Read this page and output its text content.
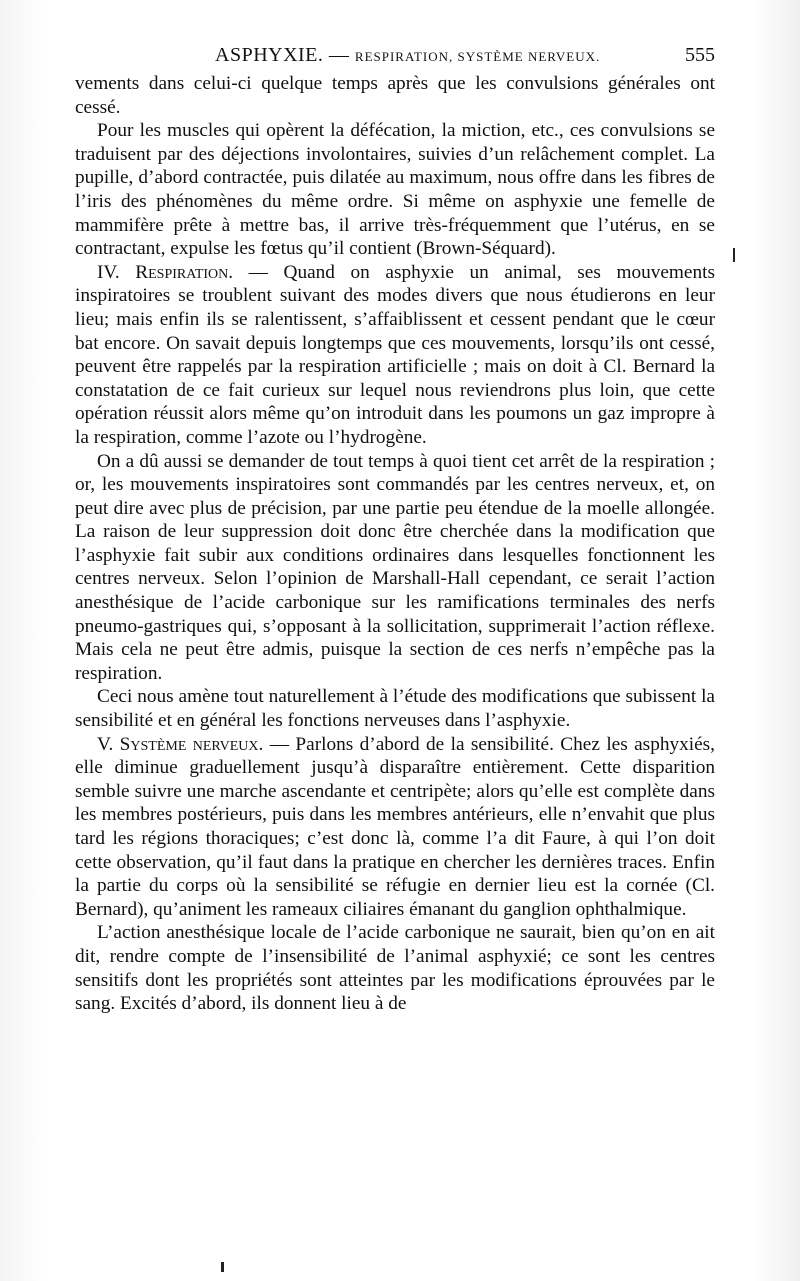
ASPHYXIE. — RESPIRATION, SYSTÈME NERVEUX.	555

vements dans celui-ci quelque temps après que les convulsions générales ont cessé.

Pour les muscles qui opèrent la défécation, la miction, etc., ces convulsions se traduisent par des déjections involontaires, suivies d’un relâchement complet. La pupille, d’abord contractée, puis dilatée au maximum, nous offre dans les fibres de l’iris des phénomènes du même ordre. Si même on asphyxie une femelle de mammifère prête à mettre bas, il arrive très-fréquemment que l’utérus, en se contractant, expulse les fœtus qu’il contient (Brown-Séquard).

IV. Respiration. — Quand on asphyxie un animal, ses mouvements inspiratoires se troublent suivant des modes divers que nous étudierons en leur lieu; mais enfin ils se ralentissent, s’affaiblissent et cessent pendant que le cœur bat encore. On savait depuis longtemps que ces mouvements, lorsqu’ils ont cessé, peuvent être rappelés par la respiration artificielle ; mais on doit à Cl. Bernard la constatation de ce fait curieux sur lequel nous reviendrons plus loin, que cette opération réussit alors même qu’on introduit dans les poumons un gaz impropre à la respiration, comme l’azote ou l’hydrogène.

On a dû aussi se demander de tout temps à quoi tient cet arrêt de la respiration ; or, les mouvements inspiratoires sont commandés par les centres nerveux, et, on peut dire avec plus de précision, par une partie peu étendue de la moelle allongée. La raison de leur suppression doit donc être cherchée dans la modification que l’asphyxie fait subir aux conditions ordinaires dans lesquelles fonctionnent les centres nerveux. Selon l’opinion de Marshall-Hall cependant, ce serait l’action anesthésique de l’acide carbonique sur les ramifications terminales des nerfs pneumo-gastriques qui, s’opposant à la sollicitation, supprimerait l’action réflexe. Mais cela ne peut être admis, puisque la section de ces nerfs n’empêche pas la respiration.

Ceci nous amène tout naturellement à l’étude des modifications que subissent la sensibilité et en général les fonctions nerveuses dans l’asphyxie.

V. Système nerveux. — Parlons d’abord de la sensibilité. Chez les asphyxiés, elle diminue graduellement jusqu’à disparaître entièrement. Cette disparition semble suivre une marche ascendante et centripète; alors qu’elle est complète dans les membres postérieurs, puis dans les membres antérieurs, elle n’envahit que plus tard les régions thoraciques; c’est donc là, comme l’a dit Faure, à qui l’on doit cette observation, qu’il faut dans la pratique en chercher les dernières traces. Enfin la partie du corps où la sensibilité se réfugie en dernier lieu est la cornée (Cl. Bernard), qu’animent les rameaux ciliaires émanant du ganglion ophthalmique.

L’action anesthésique locale de l’acide carbonique ne saurait, bien qu’on en ait dit, rendre compte de l’insensibilité de l’animal asphyxié; ce sont les centres sensitifs dont les propriétés sont atteintes par les modifications éprouvées par le sang. Excités d’abord, ils donnent lieu à de
